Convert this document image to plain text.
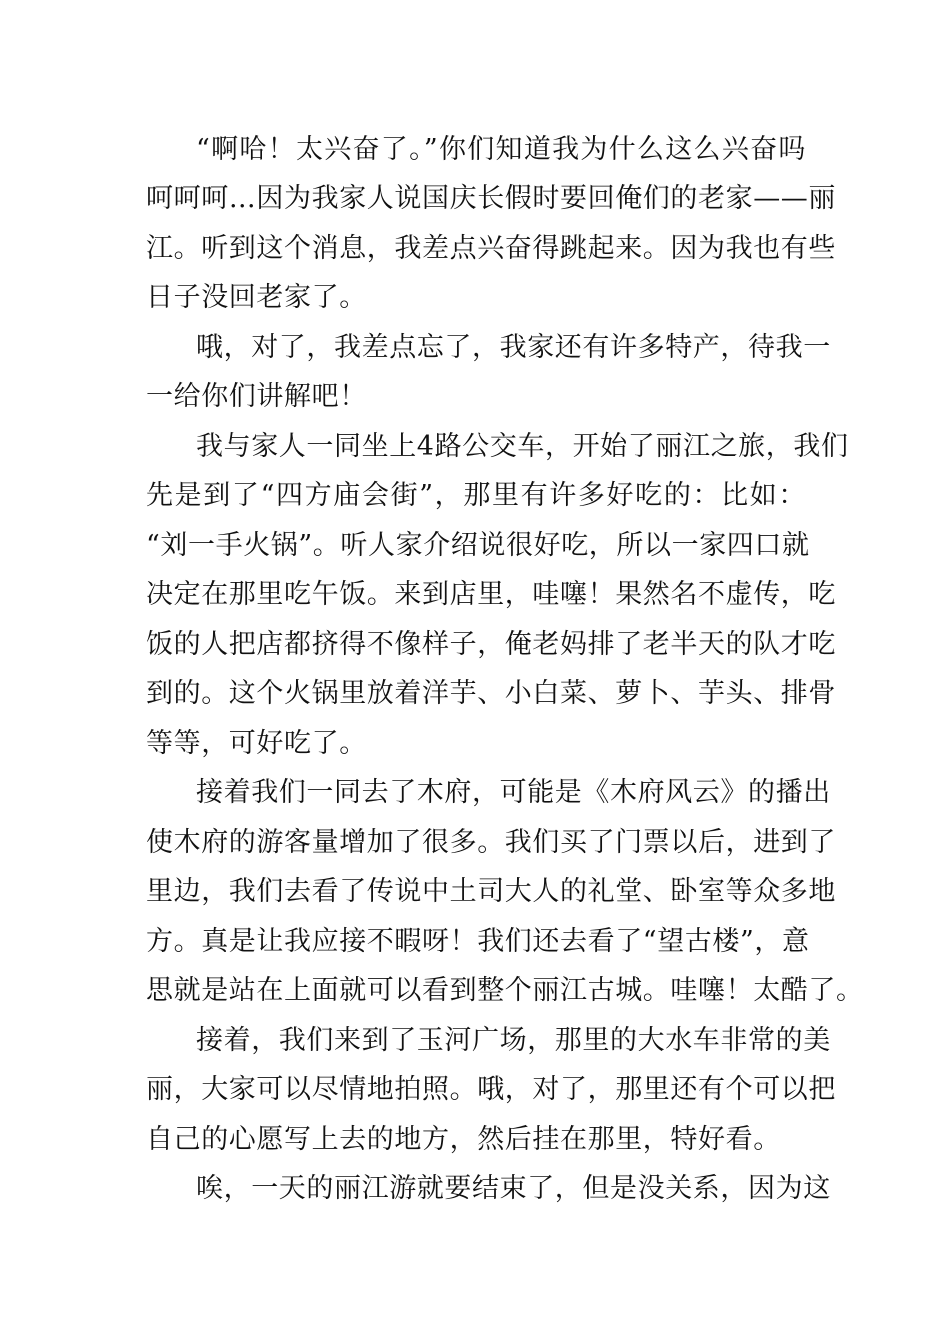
“啊哈！太兴奋了。”你们知道我为什么这么兴奋吗
呵呵呵…因为我家人说国庆长假时要回俺们的老家——丽
江。听到这个消息，我差点兴奋得跳起来。因为我也有些
日子没回老家了。
哦，对了，我差点忘了，我家还有许多特产，待我一
一给你们讲解吧！
我与家人一同坐上4路公交车，开始了丽江之旅，我们
先是到了“四方庙会街”，那里有许多好吃的：比如：
“刘一手火锅”。听人家介绍说很好吃，所以一家四口就
决定在那里吃午饭。来到店里，哇噻！果然名不虚传，吃
饭的人把店都挤得不像样子，俺老妈排了老半天的队才吃
到的。这个火锅里放着洋芋、小白菜、萝卜、芋头、排骨
等等，可好吃了。
接着我们一同去了木府，可能是《木府风云》的播出
使木府的游客量增加了很多。我们买了门票以后，进到了
里边，我们去看了传说中土司大人的礼堂、卧室等众多地
方。真是让我应接不暇呀！我们还去看了“望古楼”，意
思就是站在上面就可以看到整个丽江古城。哇噻！太酷了。
接着，我们来到了玉河广场，那里的大水车非常的美
丽，大家可以尽情地拍照。哦，对了，那里还有个可以把
自己的心愿写上去的地方，然后挂在那里，特好看。
唉，一天的丽江游就要结束了，但是没关系，因为这
